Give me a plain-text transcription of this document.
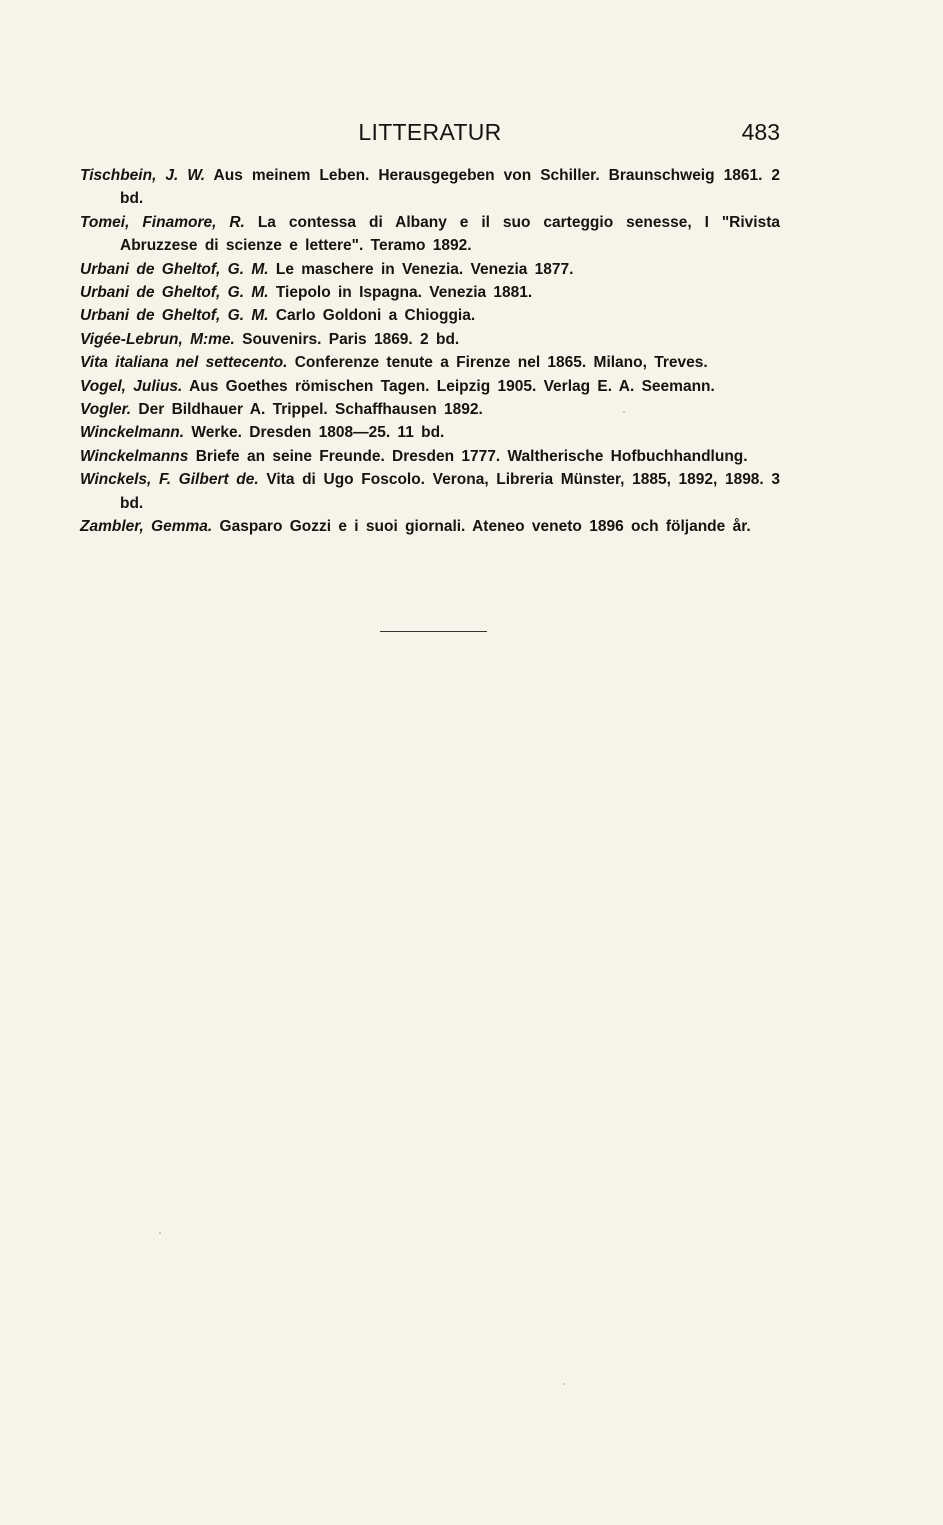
LITTERATUR	483
Tischbein, J. W. Aus meinem Leben. Herausgegeben von Schiller. Braunschweig 1861. 2 bd.
Tomei, Finamore, R. La contessa di Albany e il suo carteggio senesse, I "Rivista Abruzzese di scienze e lettere". Teramo 1892.
Urbani de Gheltof, G. M. Le maschere in Venezia. Venezia 1877.
Urbani de Gheltof, G. M. Tiepolo in Ispagna. Venezia 1881.
Urbani de Gheltof, G. M. Carlo Goldoni a Chioggia.
Vigée-Lebrun, M:me. Souvenirs. Paris 1869. 2 bd.
Vita italiana nel settecento. Conferenze tenute a Firenze nel 1865. Milano, Treves.
Vogel, Julius. Aus Goethes römischen Tagen. Leipzig 1905. Verlag E. A. Seemann.
Vogler. Der Bildhauer A. Trippel. Schaffhausen 1892.
Winckelmann. Werke. Dresden 1808—25. 11 bd.
Winckelmanns Briefe an seine Freunde. Dresden 1777. Waltherische Hofbuchhandlung.
Winckels, F. Gilbert de. Vita di Ugo Foscolo. Verona, Libreria Münster, 1885, 1892, 1898. 3 bd.
Zambler, Gemma. Gasparo Gozzi e i suoi giornali. Ateneo veneto 1896 och följande år.
